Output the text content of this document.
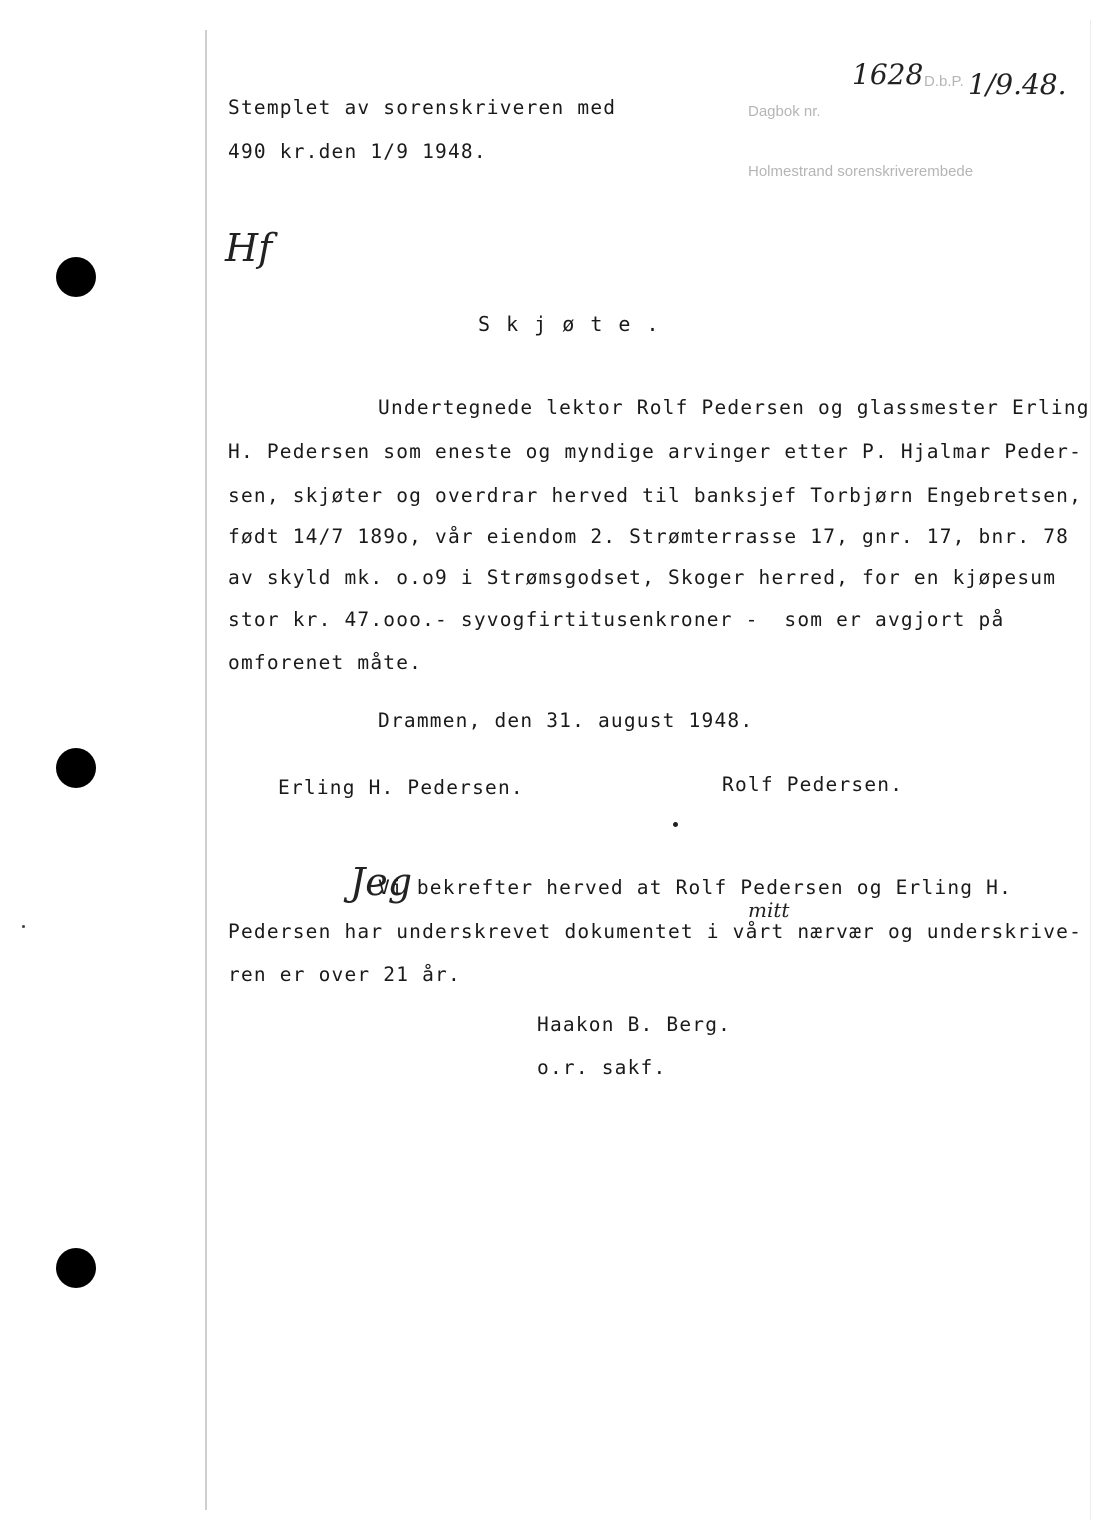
Dagbok nr.

Holmestrand sorenskriverembede

1628 D.b.P. 1/9.48.
Stemplet av sorenskriveren med
490 kr.den 1/9 1948.
Hf
S k j ø t e .
Undertegnede lektor Rolf Pedersen og glassmester Erling
H. Pedersen som eneste og myndige arvinger etter P. Hjalmar Peder-
sen, skjøter og overdrar herved til banksjef Torbjørn Engebretsen,
født 14/7 189o, vår eiendom 2. Strømterrasse 17, gnr. 17, bnr. 78
av skyld mk. o.o9 i Strømsgodset, Skoger herred, for en kjøpesum
stor kr. 47.ooo.- syvogfirtitusenkroner -  som er avgjort på
omforenet måte.
Drammen, den 31. august 1948.
Erling H. Pedersen.	Rolf Pedersen.
Jeg
mitt
Vi bekrefter herved at Rolf Pedersen og Erling H.
Pedersen har underskrevet dokumentet i vårt nærvær og underskrive-
ren er over 21 år.
Haakon B. Berg.
o.r. sakf.
